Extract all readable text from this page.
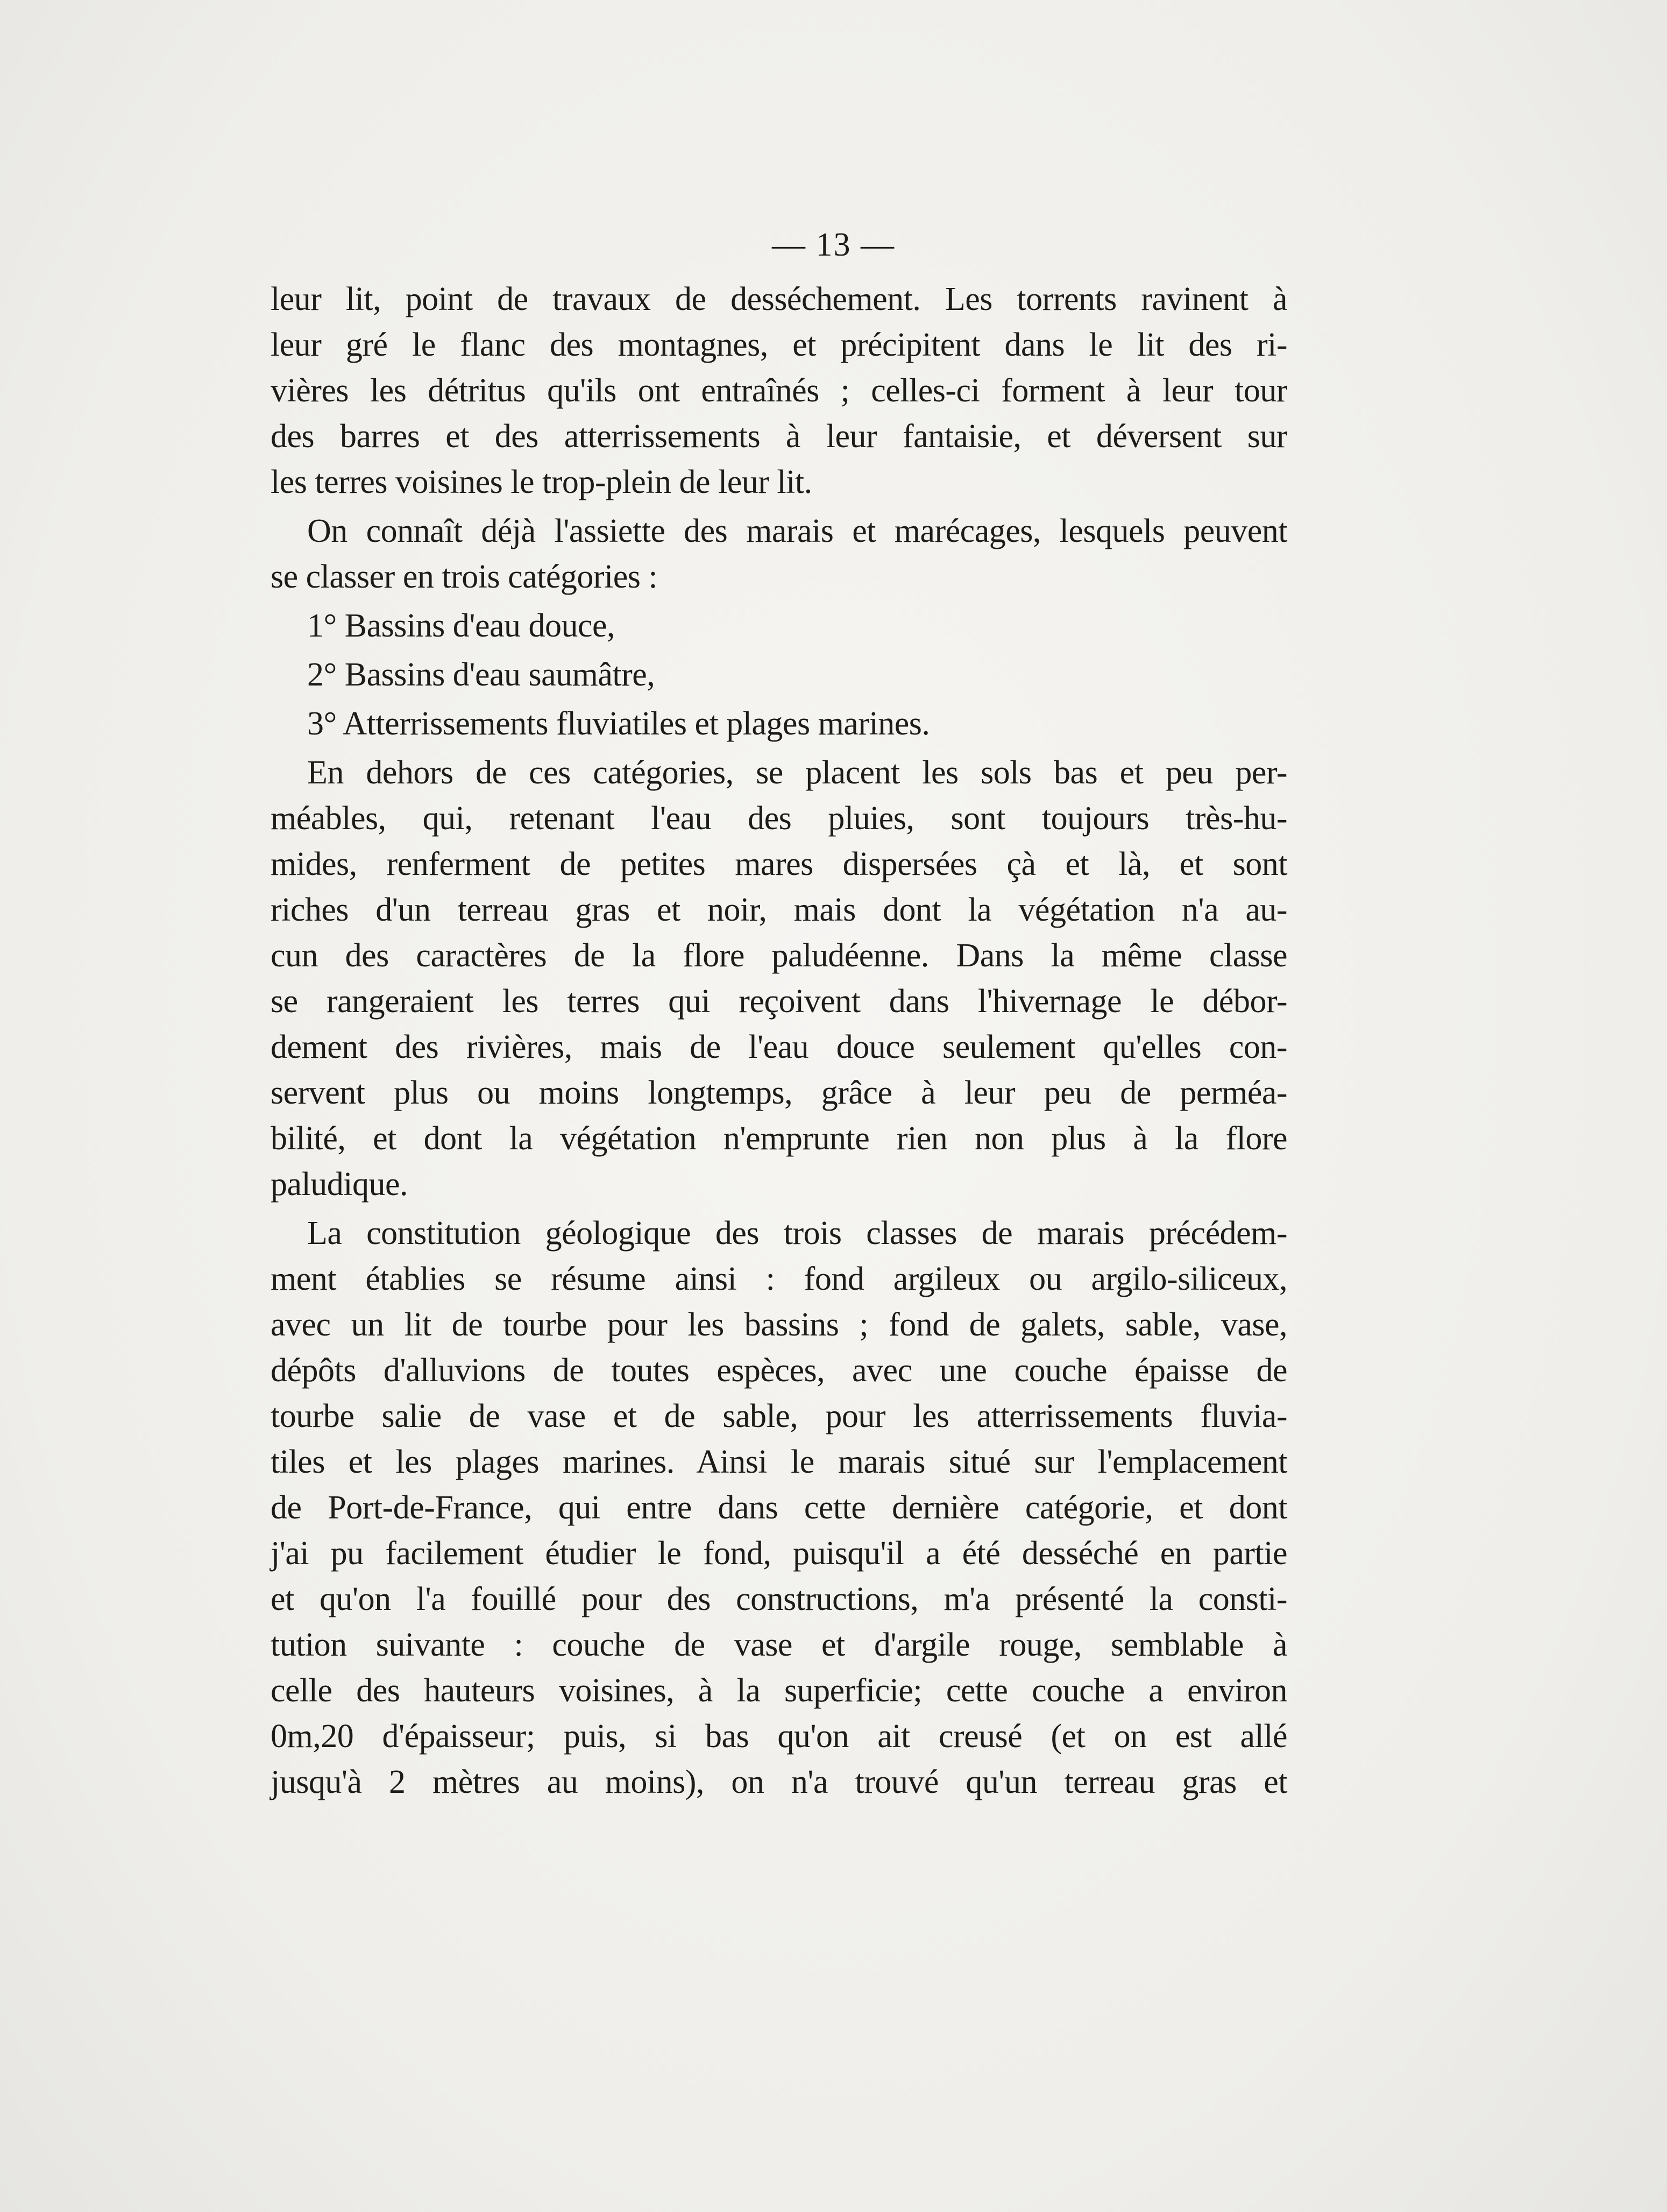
— 13 —
leur lit, point de travaux de desséchement. Les torrents ravinent à
leur gré le flanc des montagnes, et précipitent dans le lit des ri-
vières les détritus qu'ils ont entraînés ; celles-ci forment à leur tour
des barres et des atterrissements à leur fantaisie, et déversent sur
les terres voisines le trop-plein de leur lit.
On connaît déjà l'assiette des marais et marécages, lesquels peuvent
se classer en trois catégories :
1° Bassins d'eau douce,
2° Bassins d'eau saumâtre,
3° Atterrissements fluviatiles et plages marines.
En dehors de ces catégories, se placent les sols bas et peu per-
méables, qui, retenant l'eau des pluies, sont toujours très-hu-
mides, renferment de petites mares dispersées çà et là, et sont
riches d'un terreau gras et noir, mais dont la végétation n'a au-
cun des caractères de la flore paludéenne. Dans la même classe
se rangeraient les terres qui reçoivent dans l'hivernage le débor-
dement des rivières, mais de l'eau douce seulement qu'elles con-
servent plus ou moins longtemps, grâce à leur peu de perméa-
bilité, et dont la végétation n'emprunte rien non plus à la flore
paludique.
La constitution géologique des trois classes de marais précédem-
ment établies se résume ainsi : fond argileux ou argilo-siliceux,
avec un lit de tourbe pour les bassins ; fond de galets, sable, vase,
dépôts d'alluvions de toutes espèces, avec une couche épaisse de
tourbe salie de vase et de sable, pour les atterrissements fluvia-
tiles et les plages marines. Ainsi le marais situé sur l'emplacement
de Port-de-France, qui entre dans cette dernière catégorie, et dont
j'ai pu facilement étudier le fond, puisqu'il a été desséché en partie
et qu'on l'a fouillé pour des constructions, m'a présenté la consti-
tution suivante : couche de vase et d'argile rouge, semblable à
celle des hauteurs voisines, à la superficie; cette couche a environ
0m,20 d'épaisseur; puis, si bas qu'on ait creusé (et on est allé
jusqu'à 2 mètres au moins), on n'a trouvé qu'un terreau gras et
